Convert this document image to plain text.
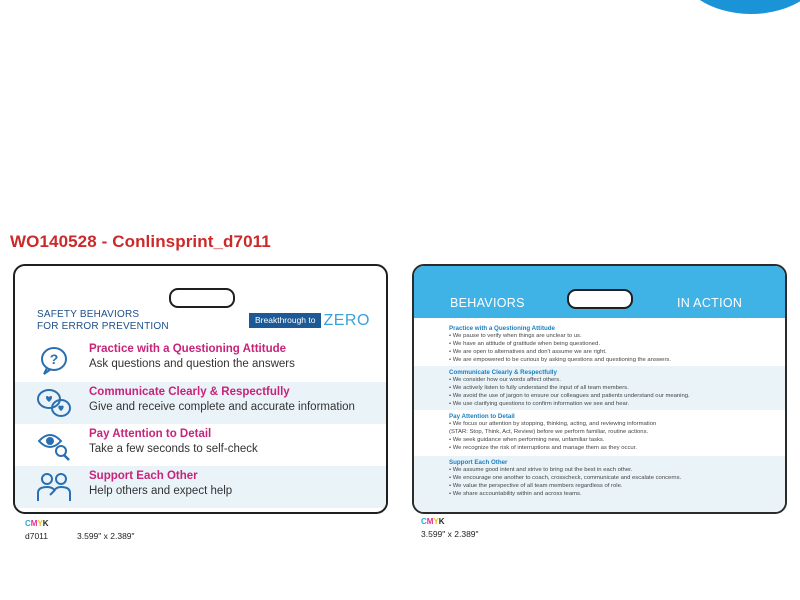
WO140528 - Conlinsprint_d7011
SAFETY BEHAVIORS
FOR ERROR PREVENTION
Breakthrough to ZERO
?
Practice with a Questioning Attitude
Ask questions and question the answers
Communicate Clearly & Respectfully
Give and receive complete and accurate information
Pay Attention to Detail
Take a few seconds to self-check
Support Each Other
Help others and expect help
CMYK
d7011	3.599" x 2.389"
BEHAVIORS	IN ACTION
Practice with a Questioning Attitude
• We pause to verify when things are unclear to us.
• We have an attitude of gratitude when being questioned.
• We are open to alternatives and don't assume we are right.
• We are empowered to be curious by asking questions and questioning the answers.
Communicate Clearly & Respectfully
• We consider how our words affect others.
• We actively listen to fully understand the input of all team members.
• We avoid the use of jargon to ensure our colleagues and patients understand our meaning.
• We use clarifying questions to confirm information we see and hear.
Pay Attention to Detail
• We focus our attention by stopping, thinking, acting, and reviewing information
(STAR: Stop, Think, Act, Review) before we perform familiar, routine actions.
• We seek guidance when performing new, unfamiliar tasks.
• We recognize the risk of interruptions and manage them as they occur.
Support Each Other
• We assume good intent and strive to bring out the best in each other.
• We encourage one another to coach, crosscheck, communicate and escalate concerns.
• We value the perspective of all team members regardless of role.
• We share accountability within and across teams.
CMYK
3.599" x 2.389"
